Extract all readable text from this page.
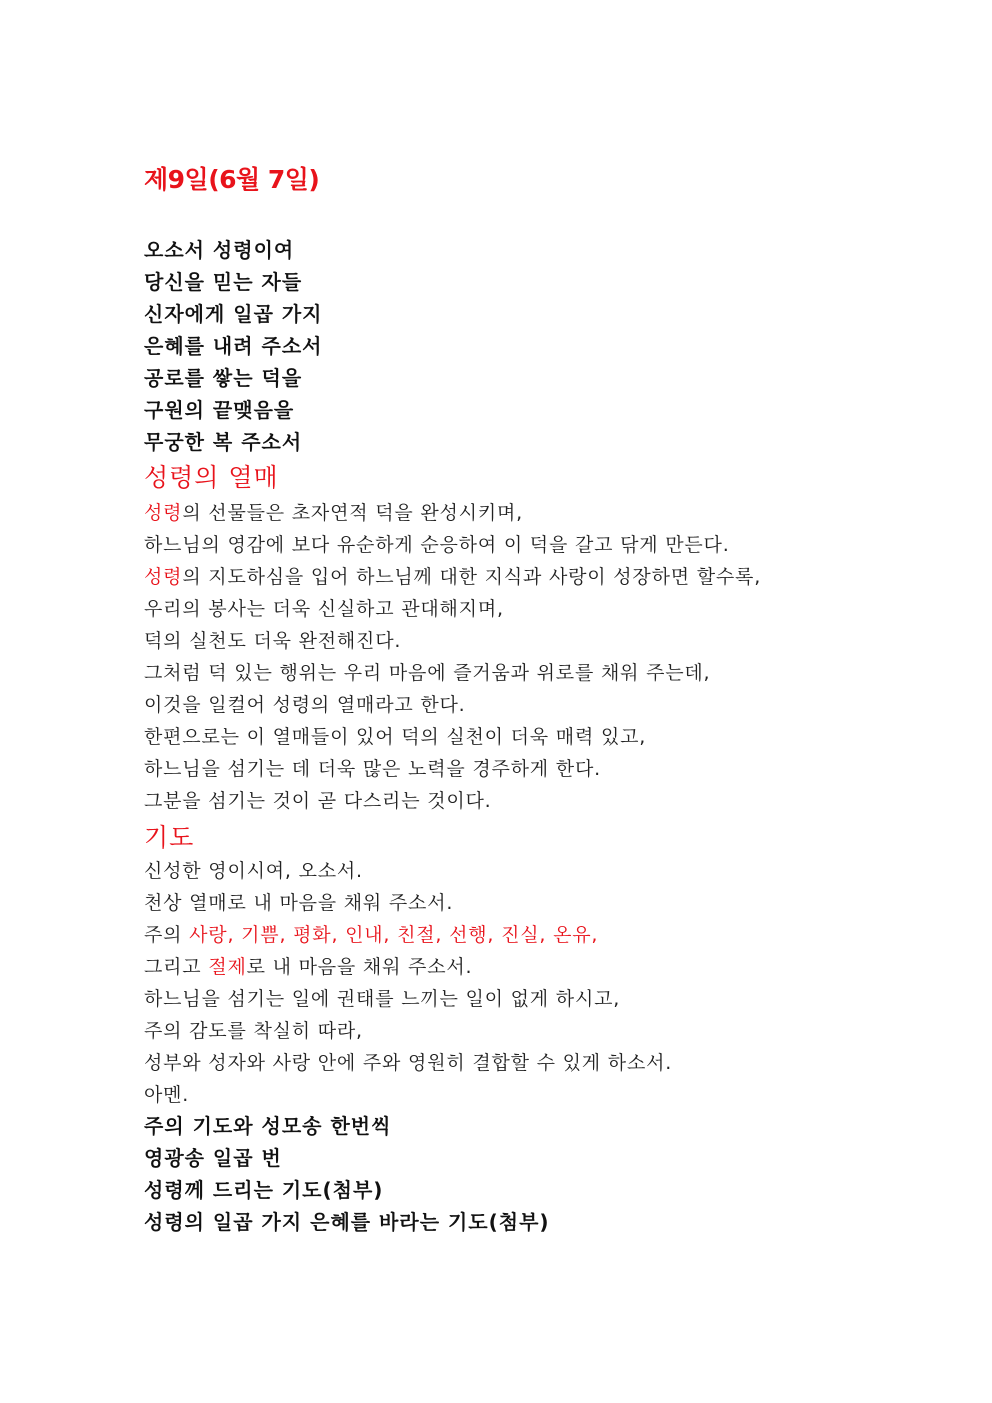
제9일(6월 7일)
오소서 성령이여
당신을 믿는 자들
신자에게 일곱 가지
은혜를 내려 주소서
공로를 쌓는 덕을
구원의 끝맺음을
무궁한 복 주소서
성령의 열매
성령의 선물들은 초자연적 덕을 완성시키며,
하느님의 영감에 보다 유순하게 순응하여 이 덕을 갈고 닦게 만든다.
성령의 지도하심을 입어 하느님께 대한 지식과 사랑이 성장하면 할수록,
우리의 봉사는 더욱 신실하고 관대해지며,
덕의 실천도 더욱 완전해진다.
그처럼 덕 있는 행위는 우리 마음에 즐거움과 위로를 채워 주는데,
이것을 일컬어 성령의 열매라고 한다.
한편으로는 이 열매들이 있어 덕의 실천이 더욱 매력 있고,
하느님을 섬기는 데 더욱 많은 노력을 경주하게 한다.
그분을 섬기는 것이 곧 다스리는 것이다.
기도
신성한 영이시여, 오소서.
천상 열매로 내 마음을 채워 주소서.
주의 사랑, 기쁨, 평화, 인내, 친절, 선행, 진실, 온유,
그리고 절제로 내 마음을 채워 주소서.
하느님을 섬기는 일에 권태를 느끼는 일이 없게 하시고,
주의 감도를 착실히 따라,
성부와 성자와 사랑 안에 주와 영원히 결합할 수 있게 하소서.
아멘.
주의 기도와 성모송 한번씩
영광송 일곱 번
성령께 드리는 기도(첨부)
성령의 일곱 가지 은혜를 바라는 기도(첨부)
